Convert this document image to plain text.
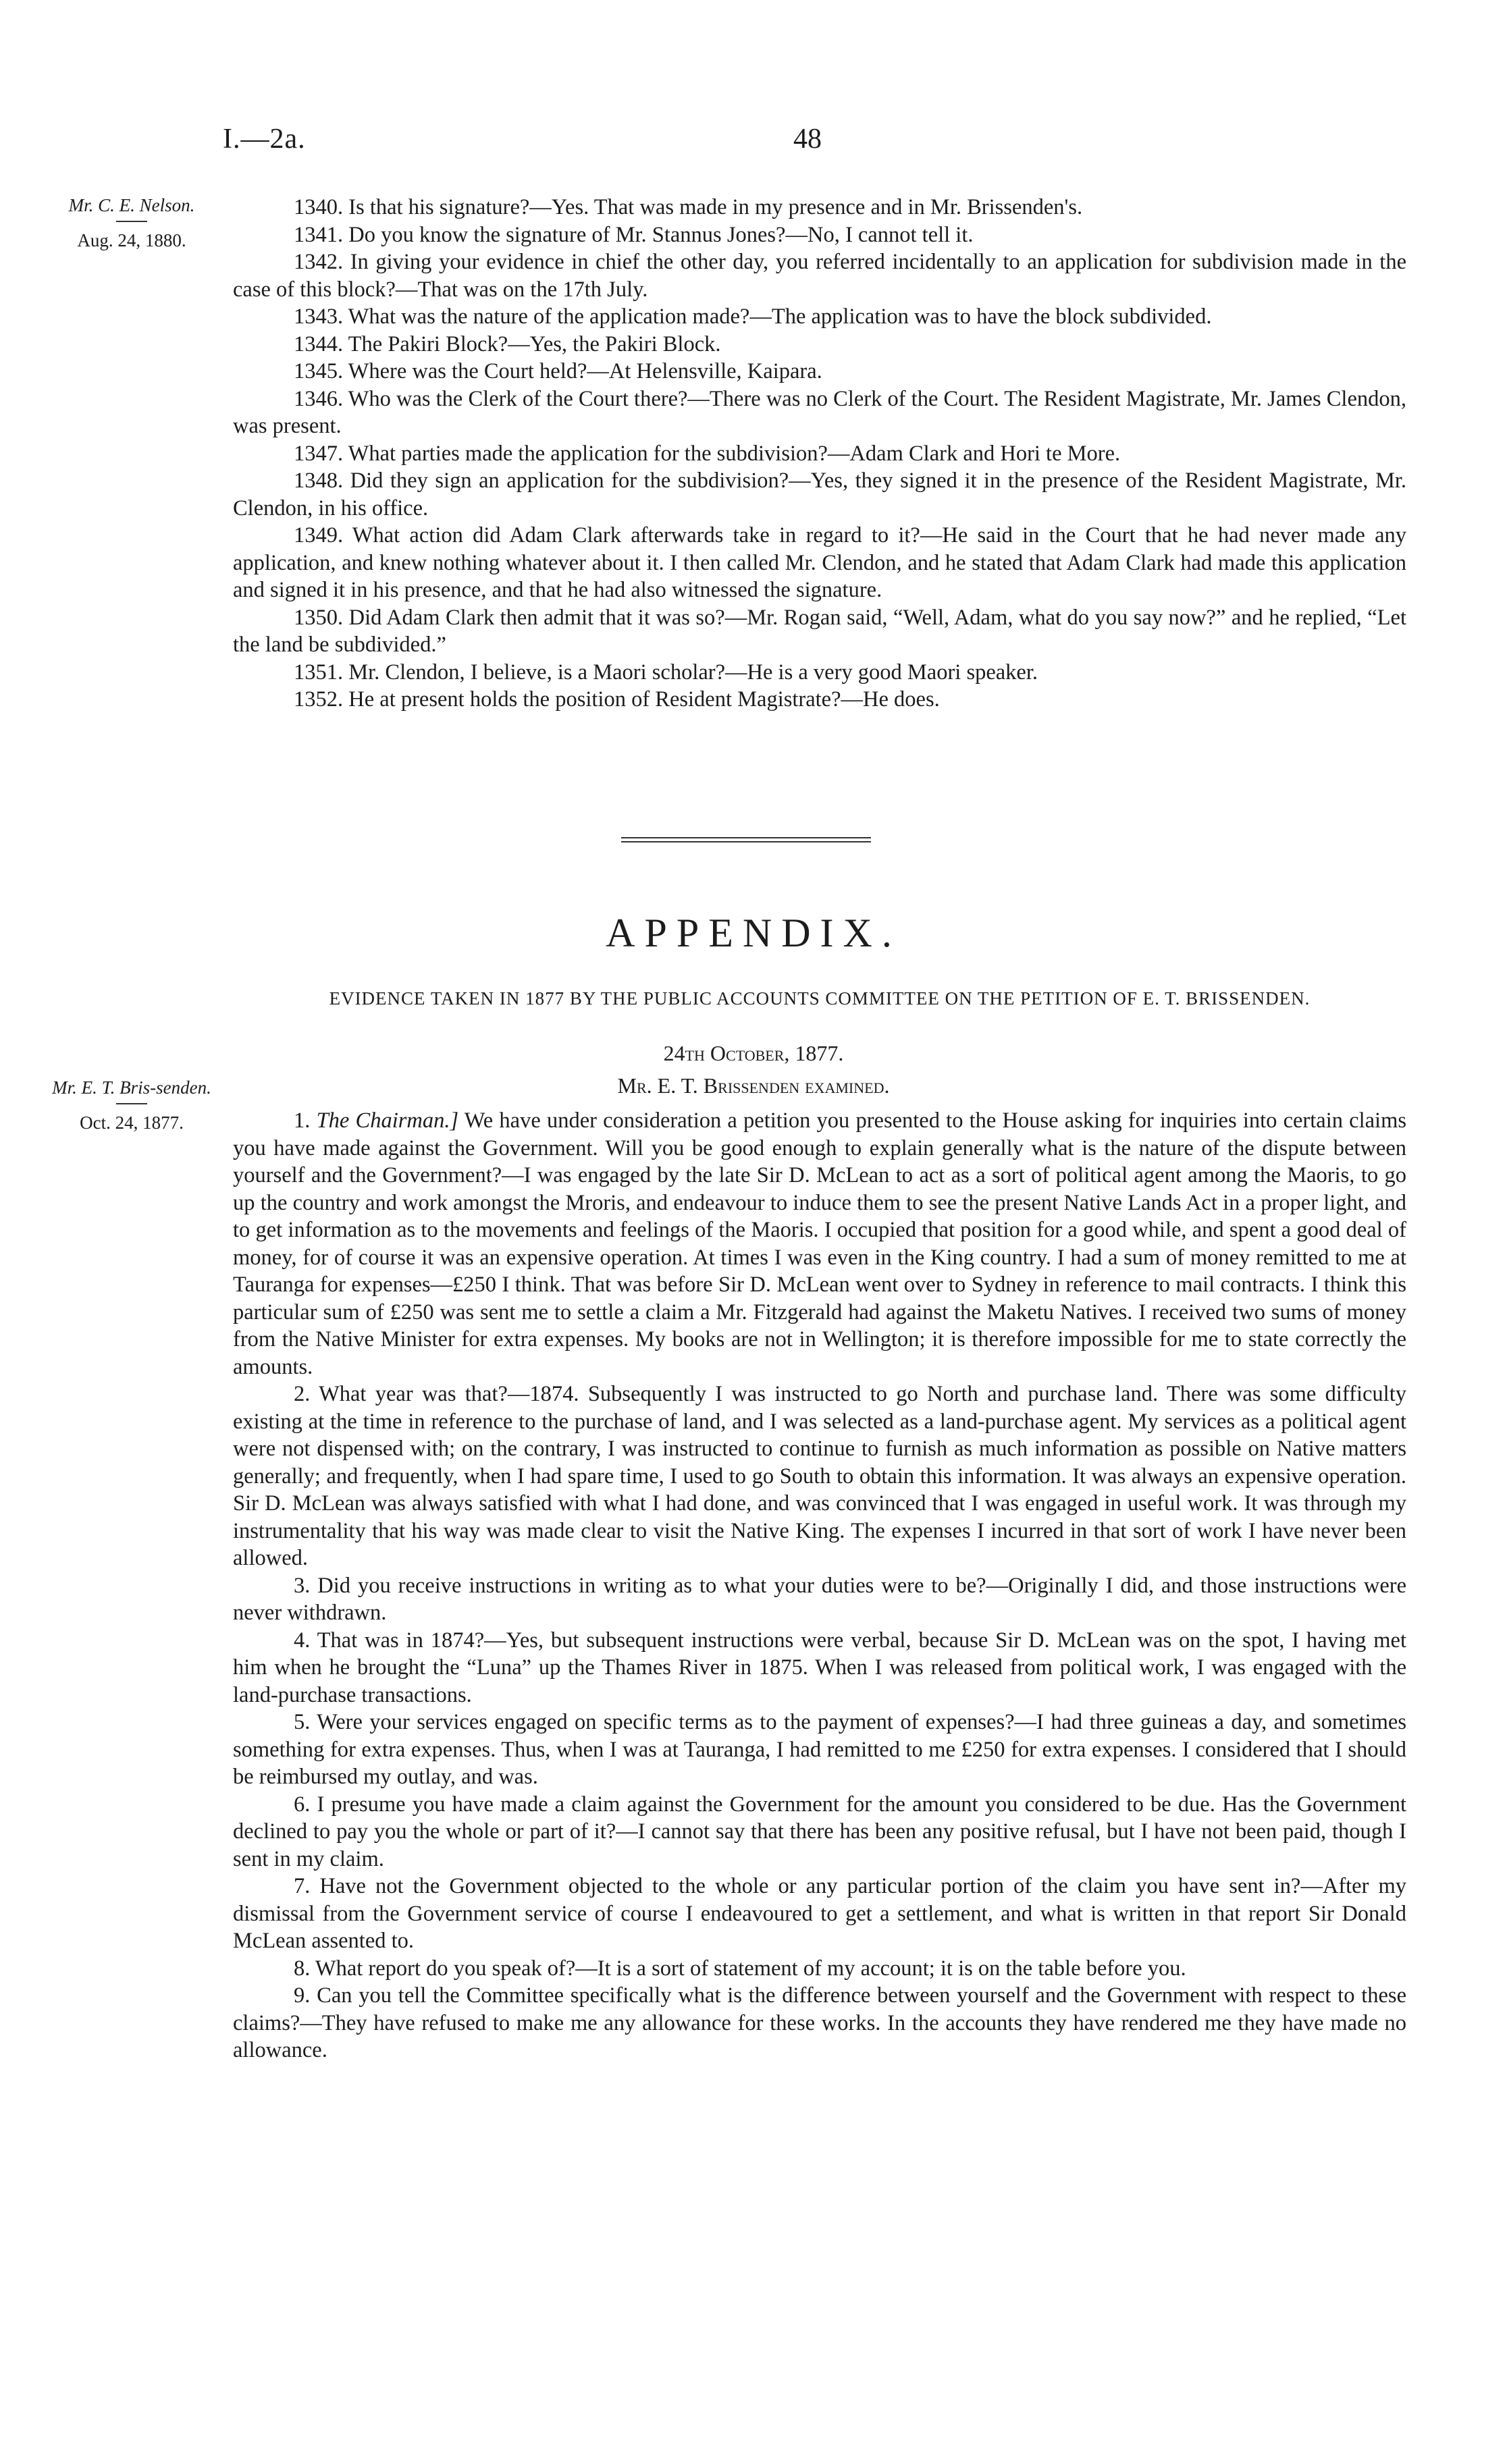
I.—2a.	48
Mr. C. E. Nelson.
Aug. 24, 1880.

1340. Is that his signature?—Yes. That was made in my presence and in Mr. Brissenden's.

1341. Do you know the signature of Mr. Stannus Jones?—No, I cannot tell it.

1342. In giving your evidence in chief the other day, you referred incidentally to an application for subdivision made in the case of this block?—That was on the 17th July.

1343. What was the nature of the application made?—The application was to have the block subdivided.

1344. The Pakiri Block?—Yes, the Pakiri Block.

1345. Where was the Court held?—At Helensville, Kaipara.

1346. Who was the Clerk of the Court there?—There was no Clerk of the Court. The Resident Magistrate, Mr. James Clendon, was present.

1347. What parties made the application for the subdivision?—Adam Clark and Hori te More.

1348. Did they sign an application for the subdivision?—Yes, they signed it in the presence of the Resident Magistrate, Mr. Clendon, in his office.

1349. What action did Adam Clark afterwards take in regard to it?—He said in the Court that he had never made any application, and knew nothing whatever about it. I then called Mr. Clendon, and he stated that Adam Clark had made this application and signed it in his presence, and that he had also witnessed the signature.

1350. Did Adam Clark then admit that it was so?—Mr. Rogan said, “Well, Adam, what do you say now?” and he replied, “Let the land be subdivided.”

1351. Mr. Clendon, I believe, is a Maori scholar?—He is a very good Maori speaker.

1352. He at present holds the position of Resident Magistrate?—He does.

APPENDIX.
EVIDENCE TAKEN IN 1877 BY THE PUBLIC ACCOUNTS COMMITTEE ON THE PETITION OF E. T. BRISSENDEN.
24th October, 1877.
Mr. E. T. Brissenden examined.
Mr. E. T. Bris-senden.
Oct. 24, 1877.	1. The Chairman.] We have under consideration a petition you presented to the House asking for inquiries into certain claims you have made against the Government. Will you be good enough to explain generally what is the nature of the dispute between yourself and the Government?—I was engaged by the late Sir D. McLean to act as a sort of political agent among the Maoris, to go up the country and work amongst the Mroris, and endeavour to induce them to see the present Native Lands Act in a proper light, and to get information as to the movements and feelings of the Maoris. I occupied that position for a good while, and spent a good deal of money, for of course it was an expensive operation. At times I was even in the King country. I had a sum of money remitted to me at Tauranga for expenses—£250 I think. That was before Sir D. McLean went over to Sydney in reference to mail contracts. I think this particular sum of £250 was sent me to settle a claim a Mr. Fitzgerald had against the Maketu Natives. I received two sums of money from the Native Minister for extra expenses. My books are not in Wellington; it is therefore impossible for me to state correctly the amounts.

2. What year was that?—1874. Subsequently I was instructed to go North and purchase land. There was some difficulty existing at the time in reference to the purchase of land, and I was selected as a land-purchase agent. My services as a political agent were not dispensed with; on the contrary, I was instructed to continue to furnish as much information as possible on Native matters generally; and frequently, when I had spare time, I used to go South to obtain this information. It was always an expensive operation. Sir D. McLean was always satisfied with what I had done, and was convinced that I was engaged in useful work. It was through my instrumentality that his way was made clear to visit the Native King. The expenses I incurred in that sort of work I have never been allowed.

3. Did you receive instructions in writing as to what your duties were to be?—Originally I did, and those instructions were never withdrawn.

4. That was in 1874?—Yes, but subsequent instructions were verbal, because Sir D. McLean was on the spot, I having met him when he brought the “Luna” up the Thames River in 1875. When I was released from political work, I was engaged with the land-purchase transactions.

5. Were your services engaged on specific terms as to the payment of expenses?—I had three guineas a day, and sometimes something for extra expenses. Thus, when I was at Tauranga, I had remitted to me £250 for extra expenses. I considered that I should be reimbursed my outlay, and was.

6. I presume you have made a claim against the Government for the amount you considered to be due. Has the Government declined to pay you the whole or part of it?—I cannot say that there has been any positive refusal, but I have not been paid, though I sent in my claim.

7. Have not the Government objected to the whole or any particular portion of the claim you have sent in?—After my dismissal from the Government service of course I endeavoured to get a settlement, and what is written in that report Sir Donald McLean assented to.

8. What report do you speak of?—It is a sort of statement of my account; it is on the table before you.

9. Can you tell the Committee specifically what is the difference between yourself and the Government with respect to these claims?—They have refused to make me any allowance for these works. In the accounts they have rendered me they have made no allowance.
